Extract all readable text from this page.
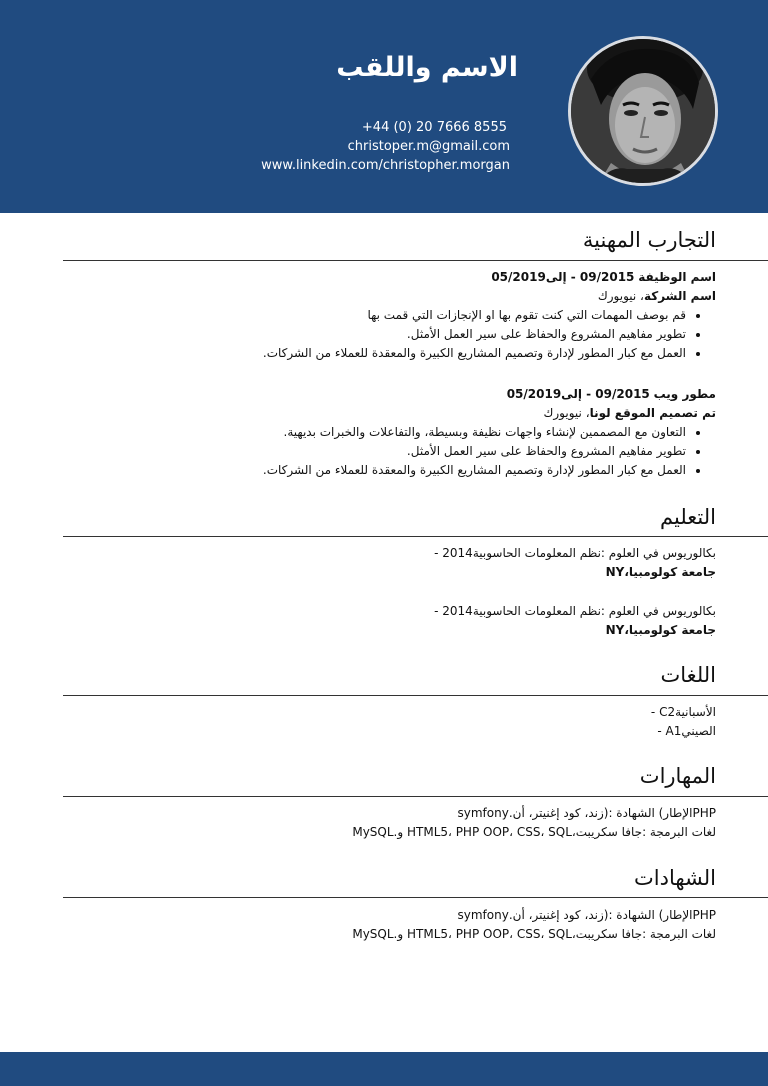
الاسم واللقب
+44 (0) 20 7666 8555
christoper.m@gmail.com
www.linkedin.com/christopher.morgan
التجارب المهنية
اسم الوظيفة 09/2015 - إلى05/2019
اسم الشركة، نيويورك
• قم بوصف المهمات التي كنت تقوم بها او الإنجازات التي قمت بها
• تطوير مفاهيم المشروع والحفاظ على سير العمل الأمثل.
• العمل مع كبار المطور لإدارة وتصميم المشاريع الكبيرة والمعقدة للعملاء من الشركات.
مطور ويب 09/2015 - إلى05/2019
تم تصميم الموقع لونا، نيويورك
• التعاون مع المصممين لإنشاء واجهات نظيفة وبسيطة، والتفاعلات والخبرات بديهية.
• تطوير مفاهيم المشروع والحفاظ على سير العمل الأمثل.
• العمل مع كبار المطور لإدارة وتصميم المشاريع الكبيرة والمعقدة للعملاء من الشركات.
التعليم
بكالوريوس في العلوم :نظم المعلومات الحاسوبية2014 -
جامعة كولومبيا،NY
بكالوريوس في العلوم :نظم المعلومات الحاسوبية2014 -
جامعة كولومبيا،NY
اللغات
الأسبانيةC2 -
الصينيA1 -
المهارات
PHPالإطار) الشهادة :(زند، كود إغنيتر، أن.symfony
لغات البرمجة :جافا سكريبت،HTML5، PHP OOP، CSS، SQL و.MySQL
الشهادات
PHPالإطار) الشهادة :(زند، كود إغنيتر، أن.symfony
لغات البرمجة :جافا سكريبت،HTML5، PHP OOP، CSS، SQL و.MySQL
